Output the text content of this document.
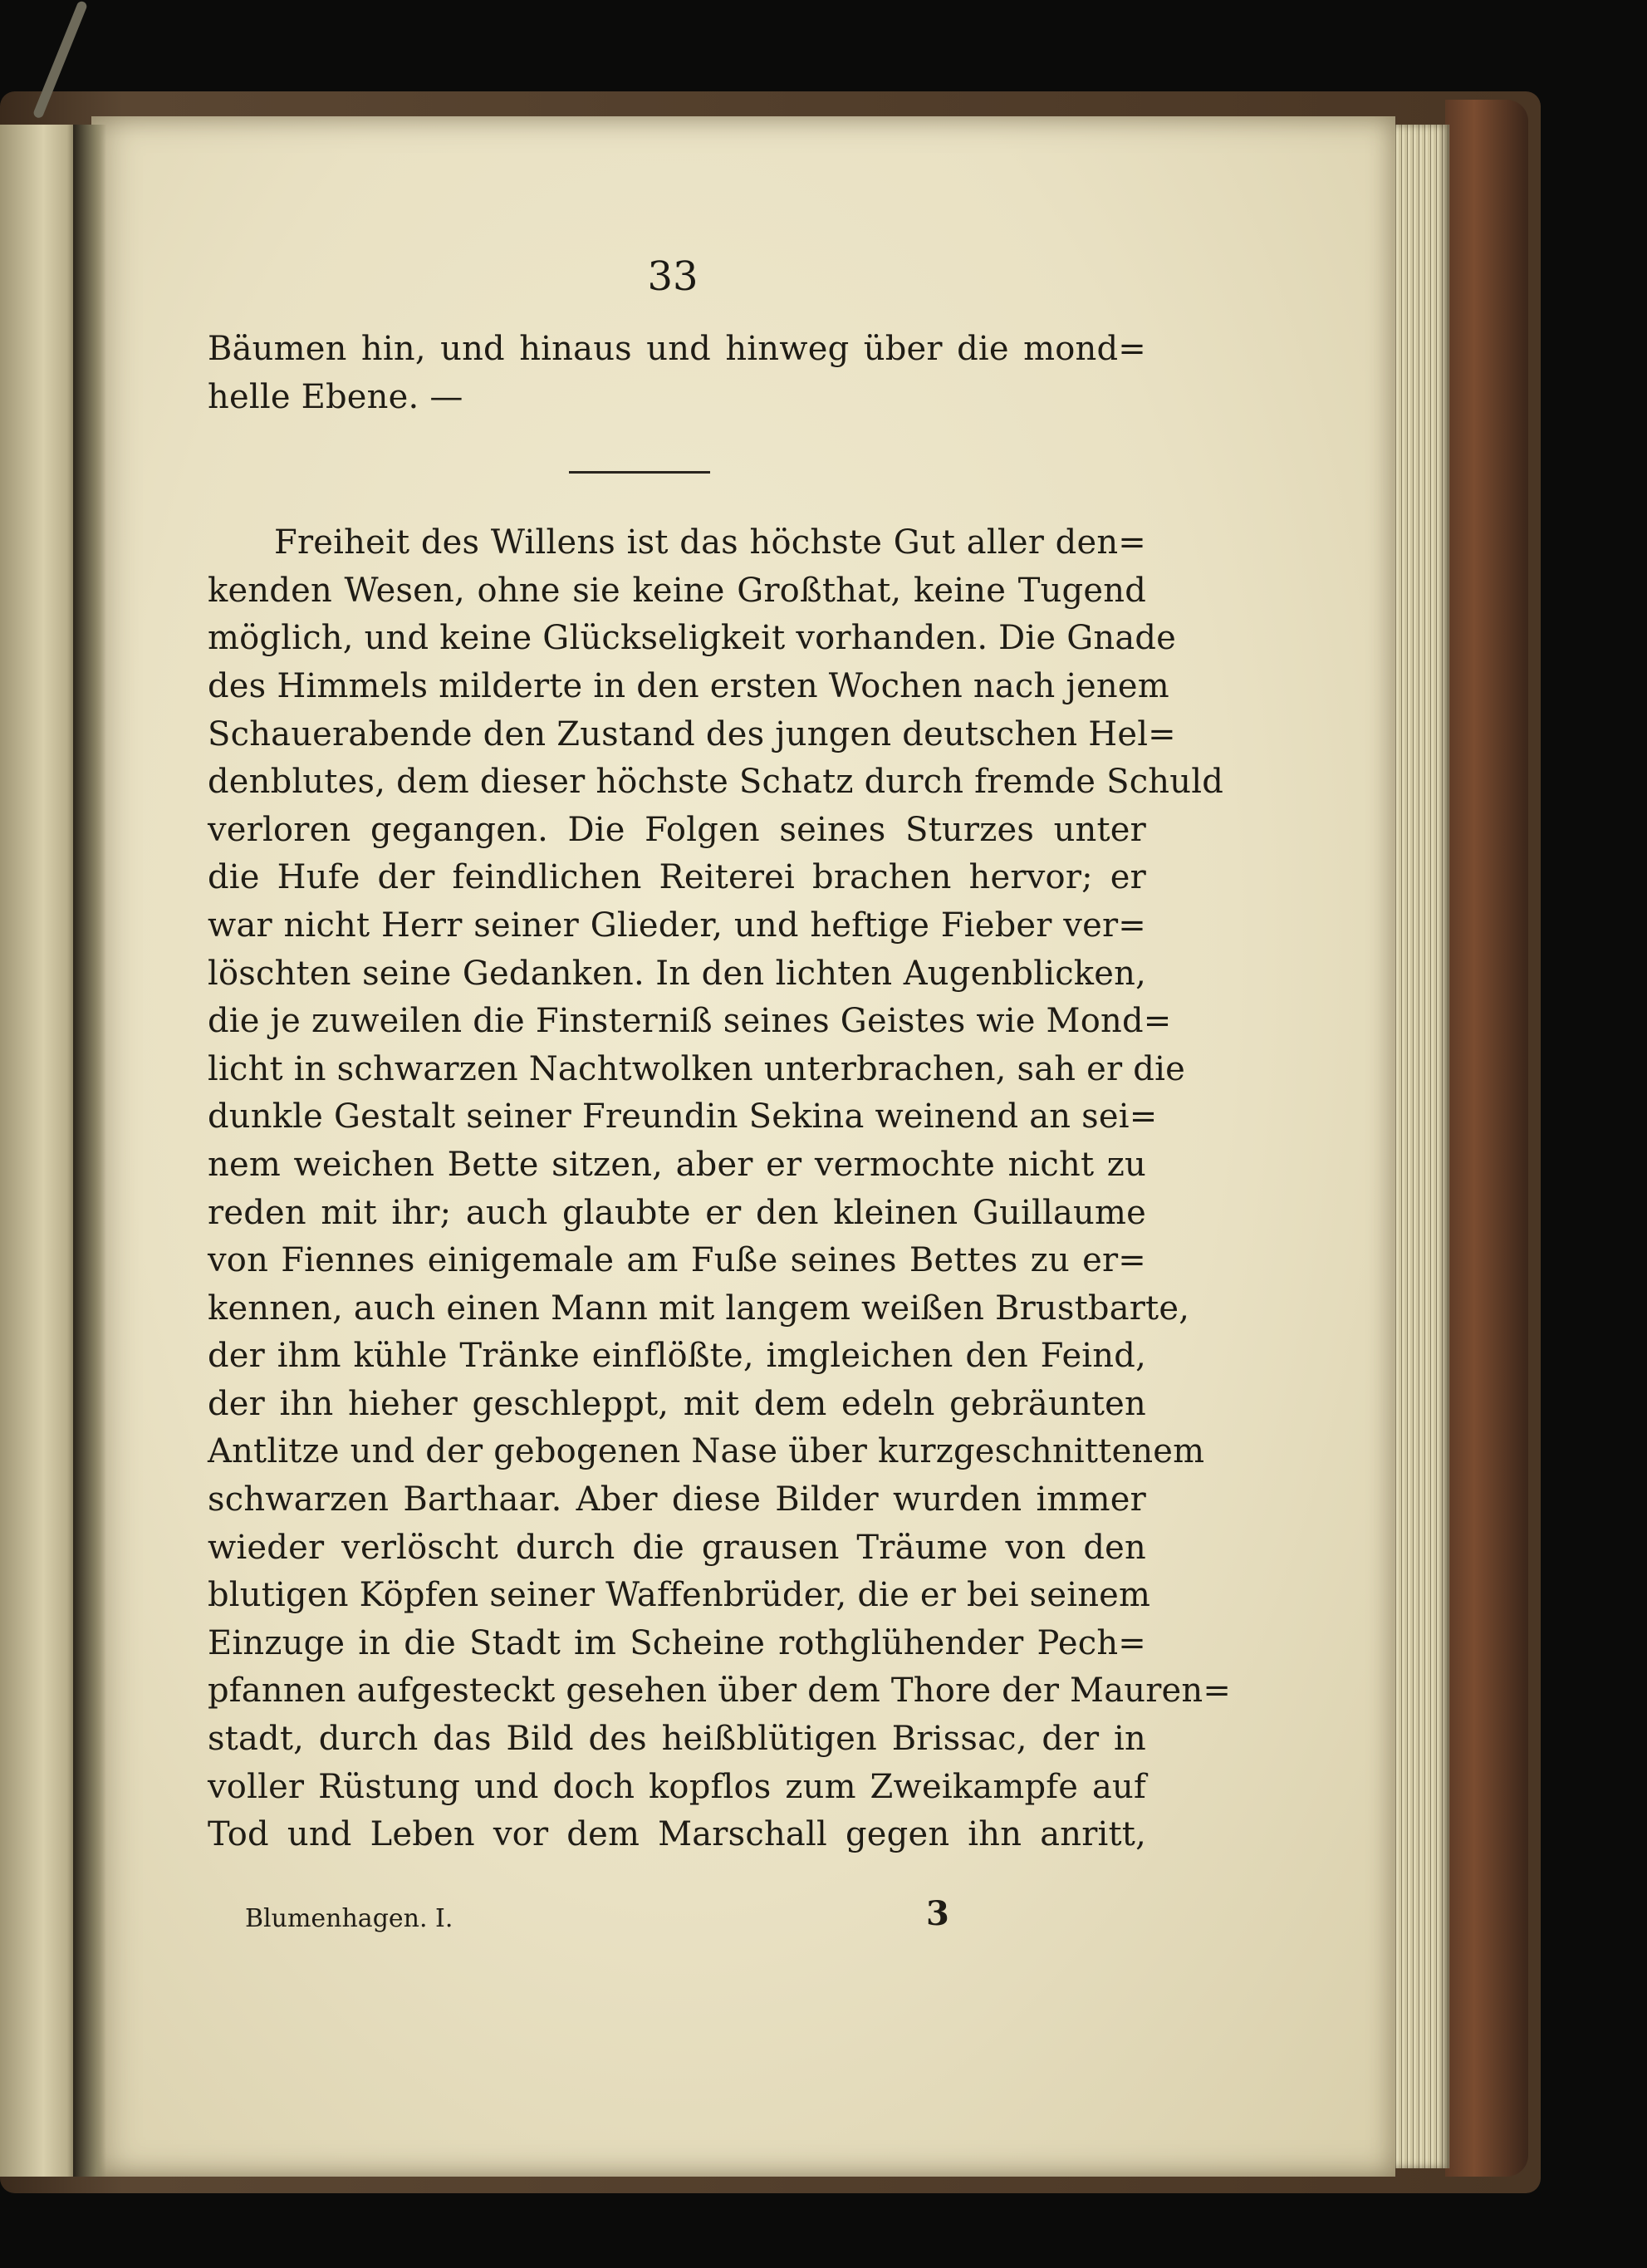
33
Bäumen hin, und hinaus und hinweg über die mond=
helle Ebene. —
Freiheit des Willens ist das höchste Gut aller den=
kenden Wesen, ohne sie keine Großthat, keine Tugend
möglich, und keine Glückseligkeit vorhanden. Die Gnade
des Himmels milderte in den ersten Wochen nach jenem
Schauerabende den Zustand des jungen deutschen Hel=
denblutes, dem dieser höchste Schatz durch fremde Schuld
verloren gegangen. Die Folgen seines Sturzes unter
die Hufe der feindlichen Reiterei brachen hervor; er
war nicht Herr seiner Glieder, und heftige Fieber ver=
löschten seine Gedanken. In den lichten Augenblicken,
die je zuweilen die Finsterniß seines Geistes wie Mond=
licht in schwarzen Nachtwolken unterbrachen, sah er die
dunkle Gestalt seiner Freundin Sekina weinend an sei=
nem weichen Bette sitzen, aber er vermochte nicht zu
reden mit ihr; auch glaubte er den kleinen Guillaume
von Fiennes einigemale am Fuße seines Bettes zu er=
kennen, auch einen Mann mit langem weißen Brustbarte,
der ihm kühle Tränke einflößte, imgleichen den Feind,
der ihn hieher geschleppt, mit dem edeln gebräunten
Antlitze und der gebogenen Nase über kurzgeschnittenem
schwarzen Barthaar. Aber diese Bilder wurden immer
wieder verlöscht durch die grausen Träume von den
blutigen Köpfen seiner Waffenbrüder, die er bei seinem
Einzuge in die Stadt im Scheine rothglühender Pech=
pfannen aufgesteckt gesehen über dem Thore der Mauren=
stadt, durch das Bild des heißblütigen Brissac, der in
voller Rüstung und doch kopflos zum Zweikampfe auf
Tod und Leben vor dem Marschall gegen ihn anritt,
Blumenhagen. I.	3
